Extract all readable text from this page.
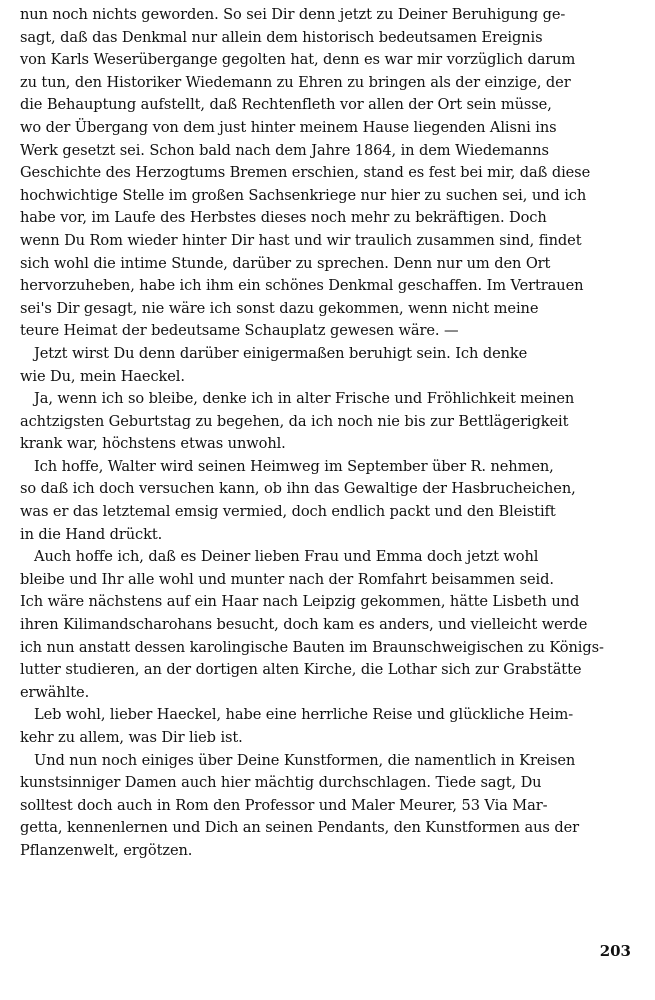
nun noch nichts geworden. So sei Dir denn jetzt zu Deiner Beruhigung ge-
sagt, daß das Denkmal nur allein dem historisch bedeutsamen Ereignis
von Karls Weserübergange gegolten hat, denn es war mir vorzüglich darum
zu tun, den Historiker Wiedemann zu Ehren zu bringen als der einzige, der
die Behauptung aufstellt, daß Rechtenfleth vor allen der Ort sein müsse,
wo der Übergang von dem just hinter meinem Hause liegenden Alisni ins
Werk gesetzt sei. Schon bald nach dem Jahre 1864, in dem Wiedemanns
Geschichte des Herzogtums Bremen erschien, stand es fest bei mir, daß diese
hochwichtige Stelle im großen Sachsenkriege nur hier zu suchen sei, und ich
habe vor, im Laufe des Herbstes dieses noch mehr zu bekräftigen. Doch
wenn Du Rom wieder hinter Dir hast und wir traulich zusammen sind, findet
sich wohl die intime Stunde, darüber zu sprechen. Denn nur um den Ort
hervorzuheben, habe ich ihm ein schönes Denkmal geschaffen. Im Vertrauen
sei's Dir gesagt, nie wäre ich sonst dazu gekommen, wenn nicht meine
teure Heimat der bedeutsame Schauplatz gewesen wäre. —
Jetzt wirst Du denn darüber einigermaßen beruhigt sein. Ich denke
wie Du, mein Haeckel.
Ja, wenn ich so bleibe, denke ich in alter Frische und Fröhlichkeit meinen
achtzigsten Geburtstag zu begehen, da ich noch nie bis zur Bettlägerigkeit
krank war, höchstens etwas unwohl.
Ich hoffe, Walter wird seinen Heimweg im September über R. nehmen,
so daß ich doch versuchen kann, ob ihn das Gewaltige der Hasbrucheichen,
was er das letztemal emsig vermied, doch endlich packt und den Bleistift
in die Hand drückt.
Auch hoffe ich, daß es Deiner lieben Frau und Emma doch jetzt wohl
bleibe und Ihr alle wohl und munter nach der Romfahrt beisammen seid.
Ich wäre nächstens auf ein Haar nach Leipzig gekommen, hätte Lisbeth und
ihren Kilimandscharohans besucht, doch kam es anders, und vielleicht werde
ich nun anstatt dessen karolingische Bauten im Braunschweigischen zu Königs-
lutter studieren, an der dortigen alten Kirche, die Lothar sich zur Grabstätte
erwählte.
Leb wohl, lieber Haeckel, habe eine herrliche Reise und glückliche Heim-
kehr zu allem, was Dir lieb ist.
Und nun noch einiges über Deine Kunstformen, die namentlich in Kreisen
kunstsinniger Damen auch hier mächtig durchschlagen. Tiede sagt, Du
solltest doch auch in Rom den Professor und Maler Meurer, 53 Via Mar-
getta, kennenlernen und Dich an seinen Pendants, den Kunstformen aus der
Pflanzenwelt, ergötzen.
203
